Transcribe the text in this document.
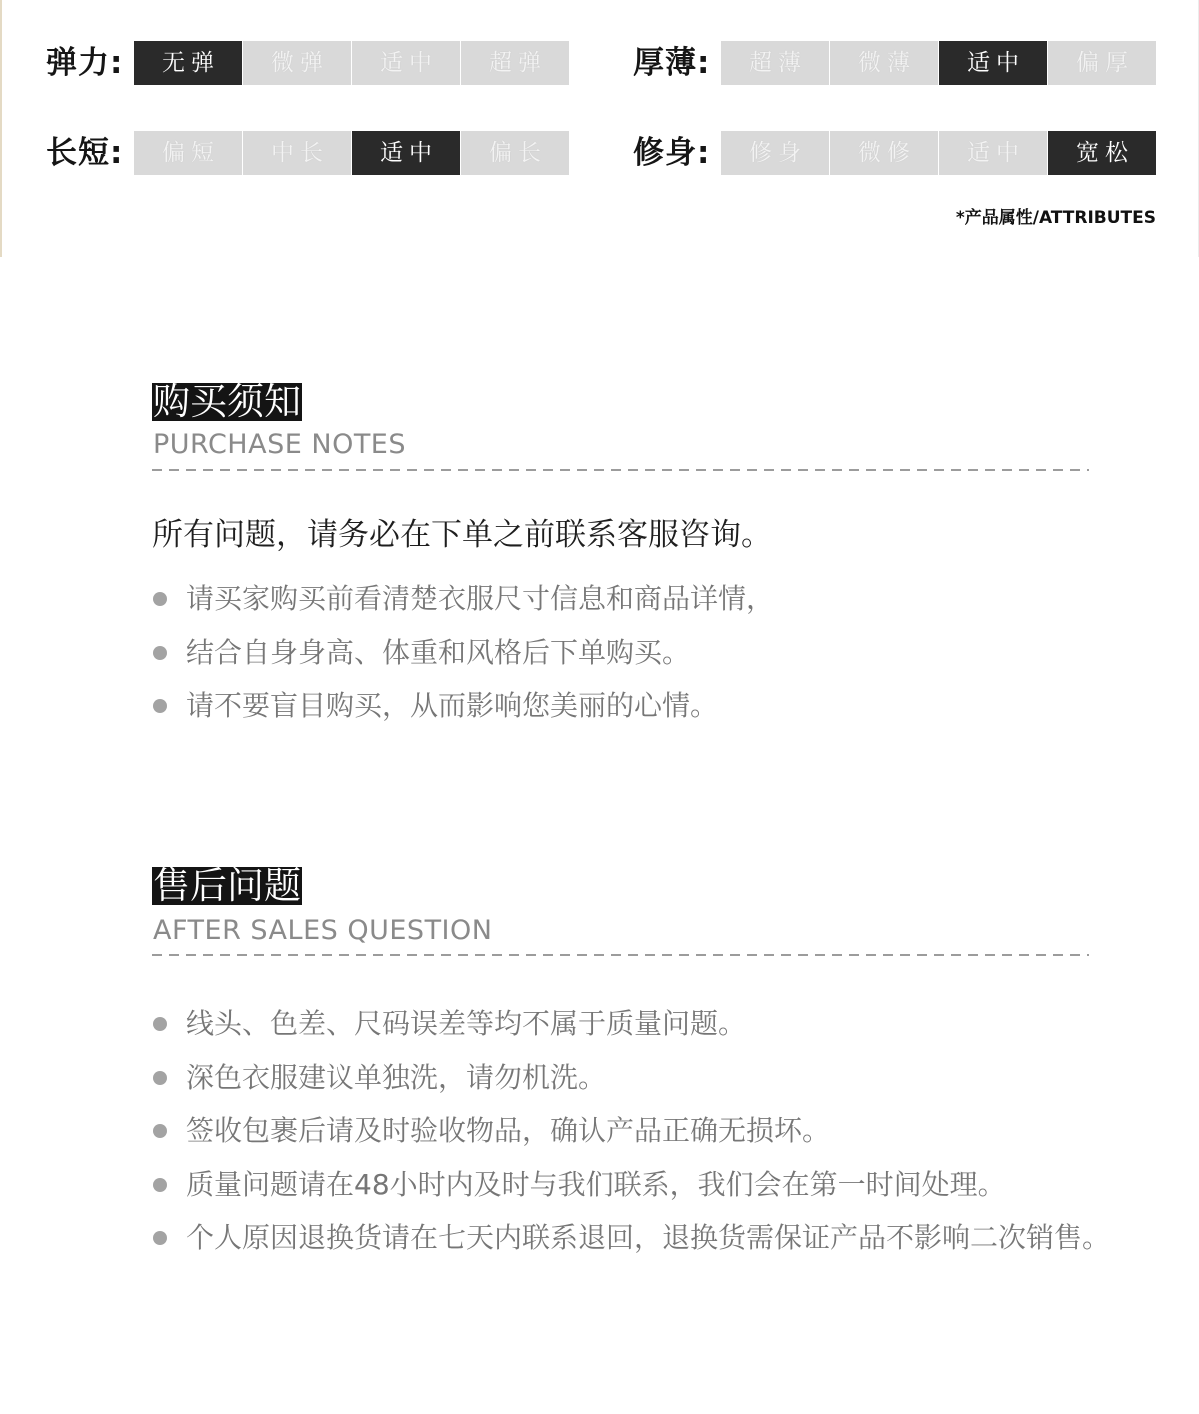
弹力:	无弹	微弹	适中	超弹	厚薄:	超薄	微薄	适中	偏厚
长短:	偏短	中长	适中	偏长	修身:	修身	微修	适中	宽松
*产品属性/ATTRIBUTES
购买须知
PURCHASE NOTES
所有问题，请务必在下单之前联系客服咨询。
请买家购买前看清楚衣服尺寸信息和商品详情，
结合自身身高、体重和风格后下单购买。
请不要盲目购买，从而影响您美丽的心情。
售后问题
AFTER SALES QUESTION
线头、色差、尺码误差等均不属于质量问题。
深色衣服建议单独洗，请勿机洗。
签收包裹后请及时验收物品，确认产品正确无损坏。
质量问题请在48小时内及时与我们联系，我们会在第一时间处理。
个人原因退换货请在七天内联系退回，退换货需保证产品不影响二次销售。
